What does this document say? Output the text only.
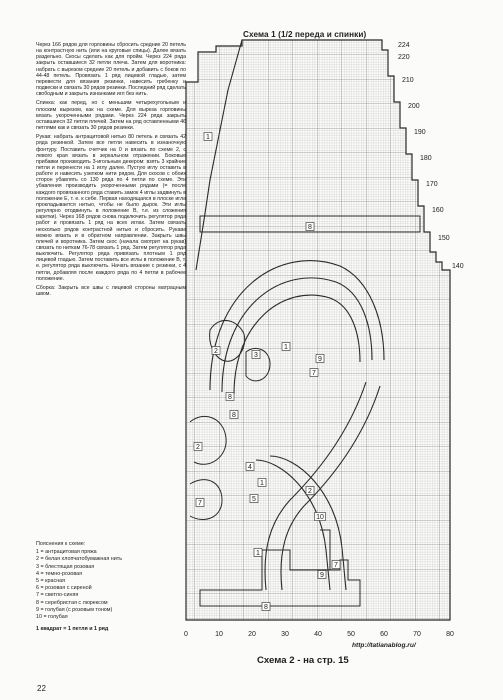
Через 166 рядов для горловины сбросить средние 20 петель на контрастную нить (или на круговые спицы). Далее вязать раздельно. Скосы сделать как для пройм. Через 224 ряда закрыть оставшиеся 32 петли плеча. Затем для воротника: набрать с вырезом средние 20 петель и добавить с боков по 44-48 петель. Провязать 1 ряд лицевой гладью, затем перевести для вязания резинки, навесить гребенку и подвески и связать 30 рядов резинки. Последний ряд сделать свободным и закрыть изнанками игл без нить.

Спинка: как перед, но с меньшим четырехугольным и плоским вырезом, как на схеме. Для выреза горловины вязать укороченными рядами. Через 224 ряда закрыть оставшиеся 32 петли плечей. Затем на ряд оставленными 46 петлями как и связать 30 рядов резинки.

Рукав: набрать антрацитовой нитью 80 петель и связать 42 ряда резинкой. Затем все петли навесить в изнаночную фонтуру. Поставить счетчик на 0 и вязать по схеме 2, с левого края вязать в зеркальном отражении. Боковые прибавки производить 3-игольным декером: взять 3 крайние петли и перенести на 1 иглу далее. Пустую иглу оставить в работе и навесить узелком нити рядом. Для скосов с обоих сторон убавлять со 130 ряда по 4 петли по схеме. Эти убавления производить укороченными рядами (= после каждого провязанного ряда ставить замок 4 иглы задвинуть в положение Е, т. е. к себе. Первая находящаяся в плоске игла прокладывается нитью, чтобы не было дырок. Эти иглы регулярно отодвинуть в положение В, т.е. из сложения каретки). Через 168 рядов снова подключить регулятор ряда работ и провязать 1 ряд на всех иглах. Затем связать несколько рядов контрастной нитью и сбросить. Рукава можно вязать и в обратном направлении. Закрыть швы плечей и воротника. Затем скос (начала смотрит на рукав) связать по ниткам 76-78 связать 1 ряд. Затем регулятор ряда выключить. Регулятор ряда привязать плотным 1 ряд лицевой гладью. Затем поставить все иглы в положение В, т. е. регулятор ряда выключить. Начать вязание с резинки, с 4 петли, добавляя после каждого ряда по 4 петли в рабочее положение.

Сборка: Закрыть все швы с лицевой стороны матрацным швом.

Пояснения к схеме:
1 = антрацитовая пряжа
2 = белая хлопчатобумажная нить
3 = блестящая розовая
4 = темно-розовая
5 = красная
6 = розовая с сиреной
7 = светло-синяя
8 = серебристая с люрексом
9 = голубая (с розовым тоном)
10 = голубая
1 квадрат = 1 петля и 1 ряд
Схема 1 (1/2 переда и спинки)
1
8
2
3
1
8
9
7
2
8
7
4
1
2
5
10
1
7
9
8
0	10	20	30	40	50	60	70	80
224
220
210
200
190
180
170
160
150
140
Схема 2 - на стр. 15
http://tatianablog.ru/
22
